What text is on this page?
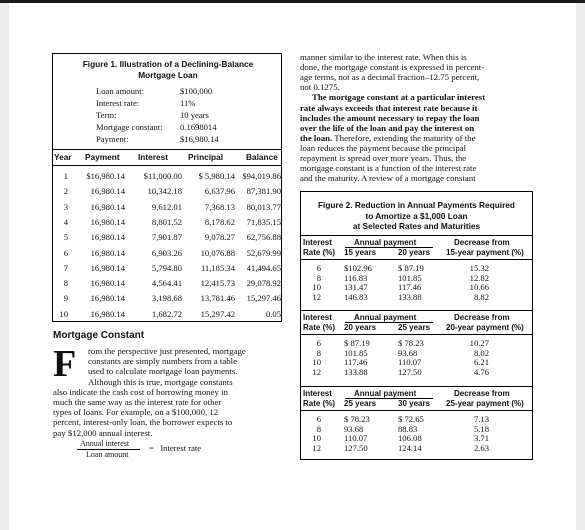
Figure 1. Illustration of a Declining-Balance
Mortgage Loan
Loan amount:	$100,000
Interest rate:	11%
Term:	10 years
Mortgage constant: 0.1698014
Payment:	$16,980.14
Year Payment Interest Principal	Balance
1	$16,980.14	$11,000.00	$ 5,980.14 $94,019.86
2	16,980.14	10,342.18	6,637.96	87,381.90
3	16,980.14	9,612.01	7,368.13	80,013.77
4	16,980.14	8,801.52	8,178.62	71,835.15
5	16,980.14	7,901.87	9,078.27	62,756.88
6	16,980.14	6,903.26	10,076.88	52,679.99
7	16,980.14	5,794.80	11,185.34	41,494.65
8	16,980.14	4,564.41	12,415.73	29,078.92
9	16,980.14	3,198.68	13,781.46	15,297.46
10	16,980.14	1,682.72	15,297.42	0.05
Mortgage Constant
F rom the perspective just presented, mortgage
constants are simply numbers from a table
used to calculate mortgage loan payments.
Although this is true, mortgage constants
also indicate the cash cost of borrowing money in
much the same way as the interest rate for other
types of loans. For example, on a $100,000, 12
percent, interest-only loan, the borrower expects to
pay $12,000 annual interest.
Annual interest
Loan amount
= Interest rate
manner similar to the interest rate. When this is
done, the mortgage constant is expressed in percent-
age terms, not as a decimal fraction–12.75 percent,
not 0.1275.
The mortgage constant at a particular interest
rate always exceeds that interest rate because it
includes the amount necessary to repay the loan
over the life of the loan and pay the interest on
the loan. Therefore, extending the maturity of the
loan reduces the payment because the principal
repayment is spread over more years. Thus, the
mortgage constant is a function of the interest rate
and the maturity. A review of a mortgage constant
Figure 2. Reduction in Annual Payments Required
to Amortize a $1,000 Loan
at Selected Rates and Maturities
Interest
Rate (%)
Annual payment
15 years	20 years
Decrease from
15-year payment (%)
6	$102.96	$ 87.19	15.32
8	116.83	101.85	12.82
10	131.47	117.46	10.66
12	146.83	133.88	8.82
Interest
Rate (%)
Annual payment
20 years	25 years
Decrease from
20-year payment (%)
6	$ 87.19	$ 78.23	10.27
8	101.85	93.68	8.02
10	117.46	110.07	6.21
12	133.88	127.50	4.76
Interest
Rate (%)
Annual payment
25 years	30 years
Decrease from
25-year payment (%)
6	$ 78.23	$ 72.65	7.13
8	93.68	88.83	5.18
10	110.07	106.08	3.71
12	127.50	124.14	2.63
